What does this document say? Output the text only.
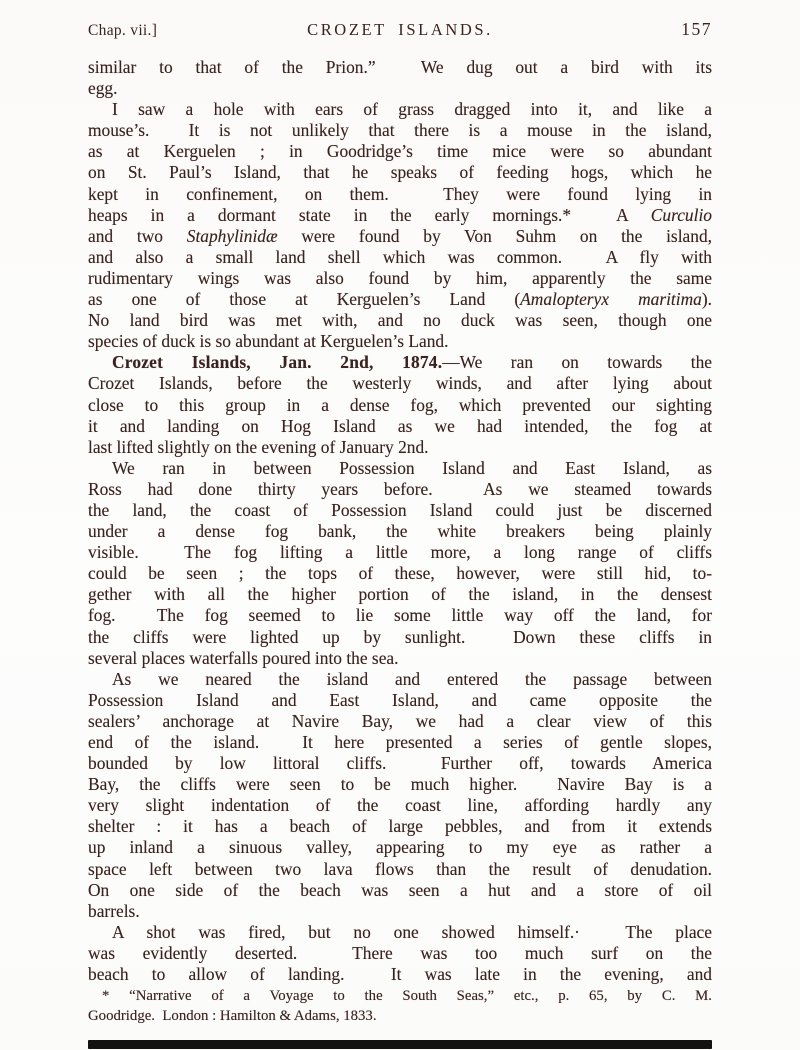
Chap. vii.]	CROZET ISLANDS.	157
similar to that of the Prion.”  We dug out a bird with its
egg.
I saw a hole with ears of grass dragged into it, and like a
mouse’s.  It is not unlikely that there is a mouse in the island,
as at Kerguelen ; in Goodridge’s time mice were so abundant
on St. Paul’s Island, that he speaks of feeding hogs, which he
kept in confinement, on them.  They were found lying in
heaps in a dormant state in the early mornings.*  A Curculio
and two Staphylinidæ were found by Von Suhm on the island,
and also a small land shell which was common.  A fly with
rudimentary wings was also found by him, apparently the same
as one of those at Kerguelen’s Land (Amalopteryx maritima).
No land bird was met with, and no duck was seen, though one
species of duck is so abundant at Kerguelen’s Land.
Crozet Islands, Jan. 2nd, 1874.—We ran on towards the
Crozet Islands, before the westerly winds, and after lying about
close to this group in a dense fog, which prevented our sighting
it and landing on Hog Island as we had intended, the fog at
last lifted slightly on the evening of January 2nd.
We ran in between Possession Island and East Island, as
Ross had done thirty years before.  As we steamed towards
the land, the coast of Possession Island could just be discerned
under a dense fog bank, the white breakers being plainly
visible.  The fog lifting a little more, a long range of cliffs
could be seen ; the tops of these, however, were still hid, to-
gether with all the higher portion of the island, in the densest
fog.  The fog seemed to lie some little way off the land, for
the cliffs were lighted up by sunlight.  Down these cliffs in
several places waterfalls poured into the sea.
As we neared the island and entered the passage between
Possession Island and East Island, and came opposite the
sealers’ anchorage at Navire Bay, we had a clear view of this
end of the island.  It here presented a series of gentle slopes,
bounded by low littoral cliffs.  Further off, towards America
Bay, the cliffs were seen to be much higher.  Navire Bay is a
very slight indentation of the coast line, affording hardly any
shelter : it has a beach of large pebbles, and from it extends
up inland a sinuous valley, appearing to my eye as rather a
space left between two lava flows than the result of denudation.
On one side of the beach was seen a hut and a store of oil
barrels.
A shot was fired, but no one showed himself.·  The place
was evidently deserted.  There was too much surf on the
beach to allow of landing.  It was late in the evening, and
* “Narrative of a Voyage to the South Seas,” etc., p. 65, by C. M.
Goodridge.  London : Hamilton & Adams, 1833.
